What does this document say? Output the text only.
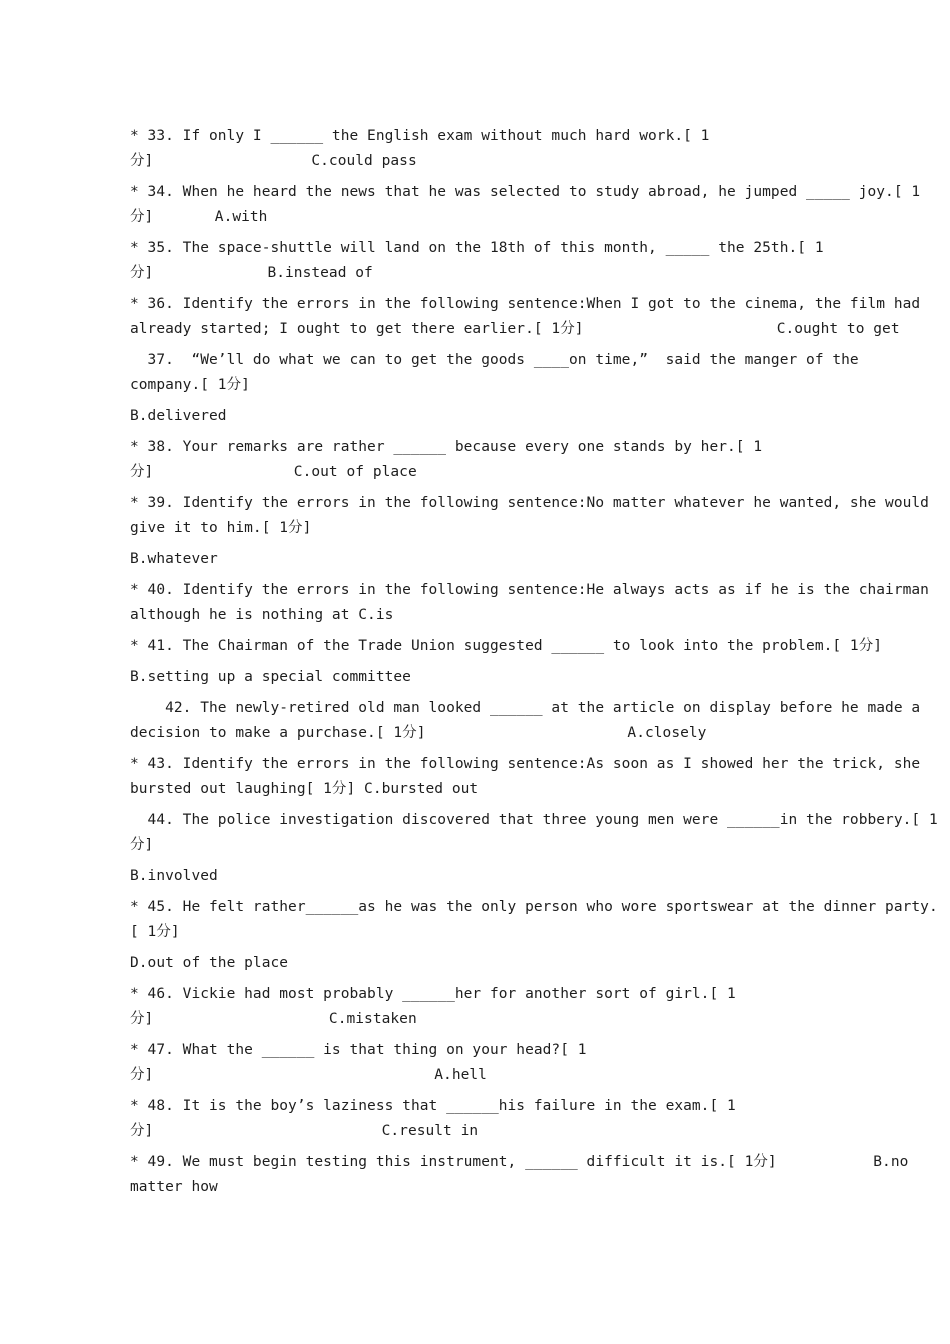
* 33. If only I ______ the English exam without much hard work.[ 1
分]                  C.could pass
* 34. When he heard the news that he was selected to study abroad, he jumped _____ joy.[ 1
分]       A.with
* 35. The space-shuttle will land on the 18th of this month, _____ the 25th.[ 1
分]             B.instead of
* 36. Identify the errors in the following sentence:When I got to the cinema, the film had
already started; I ought to get there earlier.[ 1分]                      C.ought to get
37.  “We’ll do what we can to get the goods ____on time,”  said the manger of the
company.[ 1分]
B.delivered
* 38. Your remarks are rather ______ because every one stands by her.[ 1
分]                C.out of place
* 39. Identify the errors in the following sentence:No matter whatever he wanted, she would
give it to him.[ 1分]
B.whatever
* 40. Identify the errors in the following sentence:He always acts as if he is the chairman
although he is nothing at C.is
* 41. The Chairman of the Trade Union suggested ______ to look into the problem.[ 1分]
B.setting up a special committee
42. The newly-retired old man looked ______ at the article on display before he made a
decision to make a purchase.[ 1分]                       A.closely
* 43. Identify the errors in the following sentence:As soon as I showed her the trick, she
bursted out laughing[ 1分] C.bursted out
44. The police investigation discovered that three young men were ______in the robbery.[ 1
分]
B.involved
* 45. He felt rather______as he was the only person who wore sportswear at the dinner party.
[ 1分]
D.out of the place
* 46. Vickie had most probably ______her for another sort of girl.[ 1
分]                    C.mistaken
* 47. What the ______ is that thing on your head?[ 1
分]                                A.hell
* 48. It is the boy’s laziness that ______his failure in the exam.[ 1
分]                          C.result in
* 49. We must begin testing this instrument, ______ difficult it is.[ 1分]           B.no
matter how
